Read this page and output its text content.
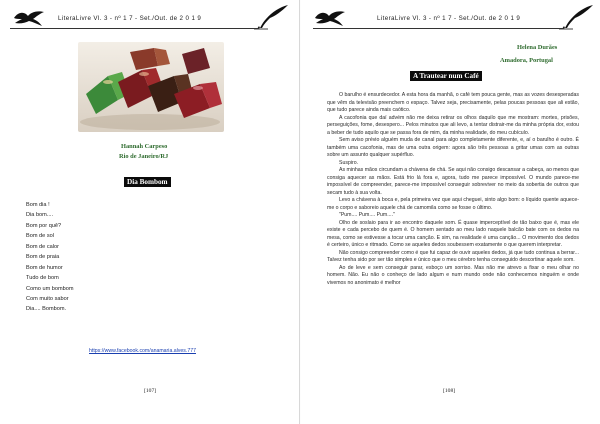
LiteraLivre Vl. 3 - nº 1 7 - Set./Out. de 2 0 1 9
Hannah Carpeso
Rio de Janeiro/RJ
Dia Bombom
Bom dia !
Dia bom....
Bom por quê?
Bom de sol
Bom de calor
Bom de praia
Bom de humor
Tudo de bom
Como um bombom
Com muito sabor
Dia.... Bombom.
https://www.facebook.com/anamaria.alves.777
[107]
LiteraLivre Vl. 3 - nº 1 7 - Set./Out. de 2 0 1 9
Helena Durães
Amadora, Portugal
A Trautear num Café

O barulho é ensurdecedor. A esta hora da manhã, o café tem pouca gente, mas as vozes desesperadas que vêm da televisão preenchem o espaço. Talvez seja, precisamente, pelas poucas pessoas que ali estão, que tudo parece ainda mais caótico.

A cacofonia que daí advém não me deixa retirar os olhos daquilo que me mostram: mortes, prisões, perseguições, fome, desespero... Pelos minutos que ali levo, a tentar distrair-me da minha própria dor, estou a beber de tudo aquilo que se passa fora de mim, da minha realidade, do meu cubículo.

Sem aviso prévio alguém muda de canal para algo completamente diferente, e, aí o barulho é outro. É também uma cacofonia, mas de uma outra origem: agora são três pessoas a gritar umas com as outras sobre um assunto qualquer supérfluo.

Suspiro.

As minhas mãos circundam a chávena de chá. Se aqui não consigo descansar a cabeça, ao menos que consiga aquecer as mãos. Está frio lá fora e, agora, tudo me parece impossível. O mundo parece-me impossível de compreender, parece-me impossível conseguir sobreviver no meio da sobertia de outros que secam tudo à sua volta.

Levo a chávena à boca e, pela primeira vez que aqui cheguei, sinto algo bom: o líquido quente aquece-me o corpo e saboreio aquele chá de camomila como se fosse o último.

"Pum.... Pum.... Pum...."

Olho de soslaio para ir ao encontro daquele som. É quase imperceptível de tão baixo que é, mas ele existe e cada percebo de quem é. O homem sentado ao meu lado naquele balcão bate com os dedos na mesa, como se estivesse a tocar uma canção. E sim, na realidade é uma canção... O movimento dos dedos é certeiro, único e ritmado. Como se aqueles dedos soubessem exatamente o que querem interpretar.

Não consigo compreender como é que fui capaz de ouvir aqueles dedos, já que tudo continua a berrar... Talvez tenha sido por ser tão simples e único que o meu cérebro tenha conseguido descortinar aquele som.

Ao de leve e sem conseguir parar, esboço um sorriso. Mas não me atrevo a fixar o meu olhar no homem. Não. Eu não o conheço de lado algum e num mundo onde não conhecemos ninguém e onde vivemos no anonimato é melhor

[108]
